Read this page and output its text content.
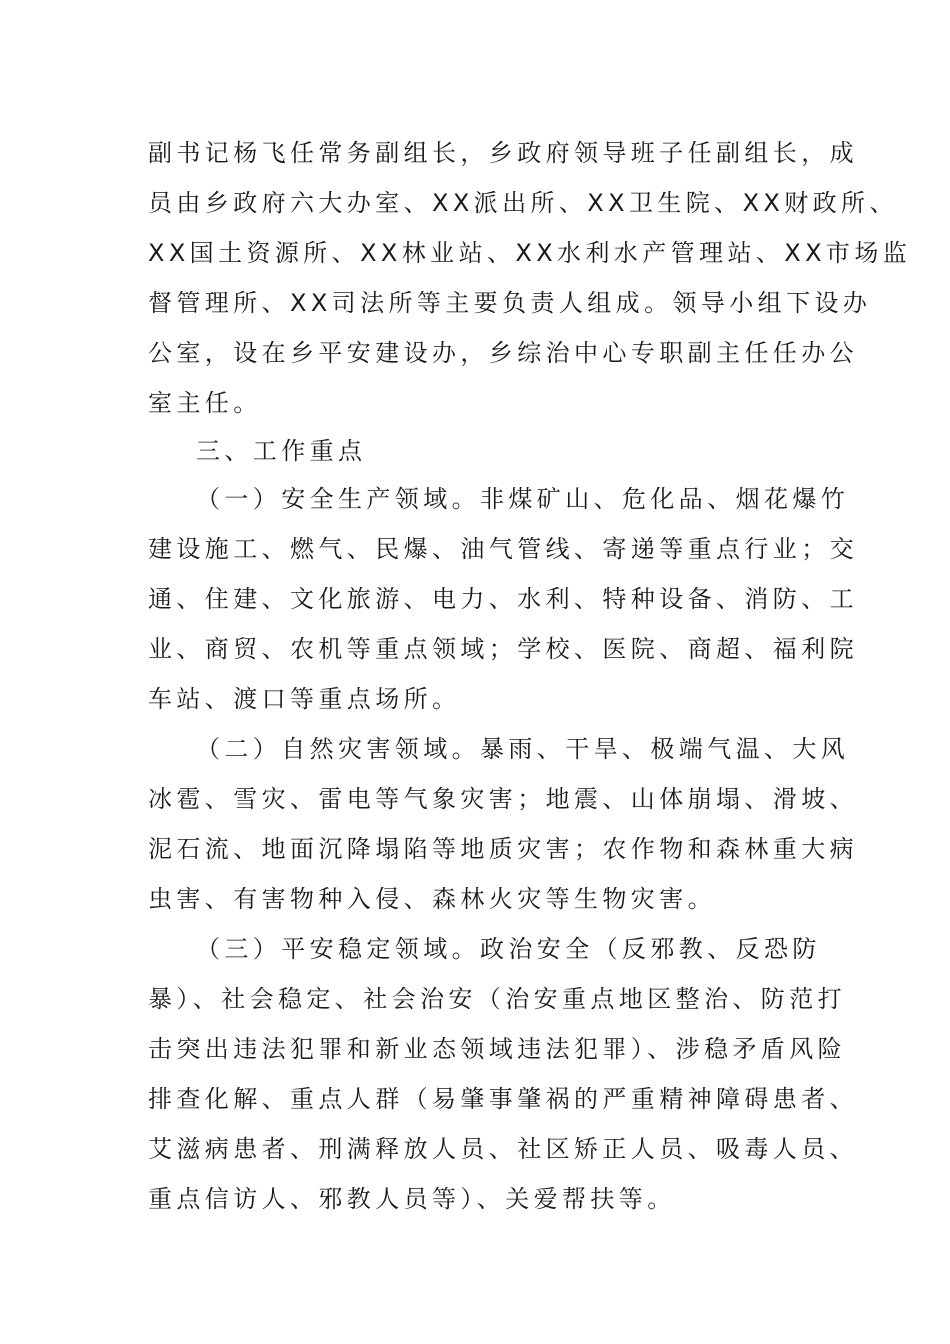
副书记杨飞任常务副组长，乡政府领导班子任副组长，成
员由乡政府六大办室、XX派出所、XX卫生院、XX财政所、
XX国土资源所、XX林业站、XX水利水产管理站、XX市场监
督管理所、XX司法所等主要负责人组成。领导小组下设办
公室，设在乡平安建设办，乡综治中心专职副主任任办公
室主任。
三、工作重点
（一）安全生产领域。非煤矿山、危化品、烟花爆竹
建设施工、燃气、民爆、油气管线、寄递等重点行业；交
通、住建、文化旅游、电力、水利、特种设备、消防、工
业、商贸、农机等重点领域；学校、医院、商超、福利院
车站、渡口等重点场所。
（二）自然灾害领域。暴雨、干旱、极端气温、大风
冰雹、雪灾、雷电等气象灾害；地震、山体崩塌、滑坡、
泥石流、地面沉降塌陷等地质灾害；农作物和森林重大病
虫害、有害物种入侵、森林火灾等生物灾害。
（三）平安稳定领域。政治安全（反邪教、反恐防
暴）、社会稳定、社会治安（治安重点地区整治、防范打
击突出违法犯罪和新业态领域违法犯罪）、涉稳矛盾风险
排查化解、重点人群（易肇事肇祸的严重精神障碍患者、
艾滋病患者、刑满释放人员、社区矫正人员、吸毒人员、
重点信访人、邪教人员等）、关爱帮扶等。
